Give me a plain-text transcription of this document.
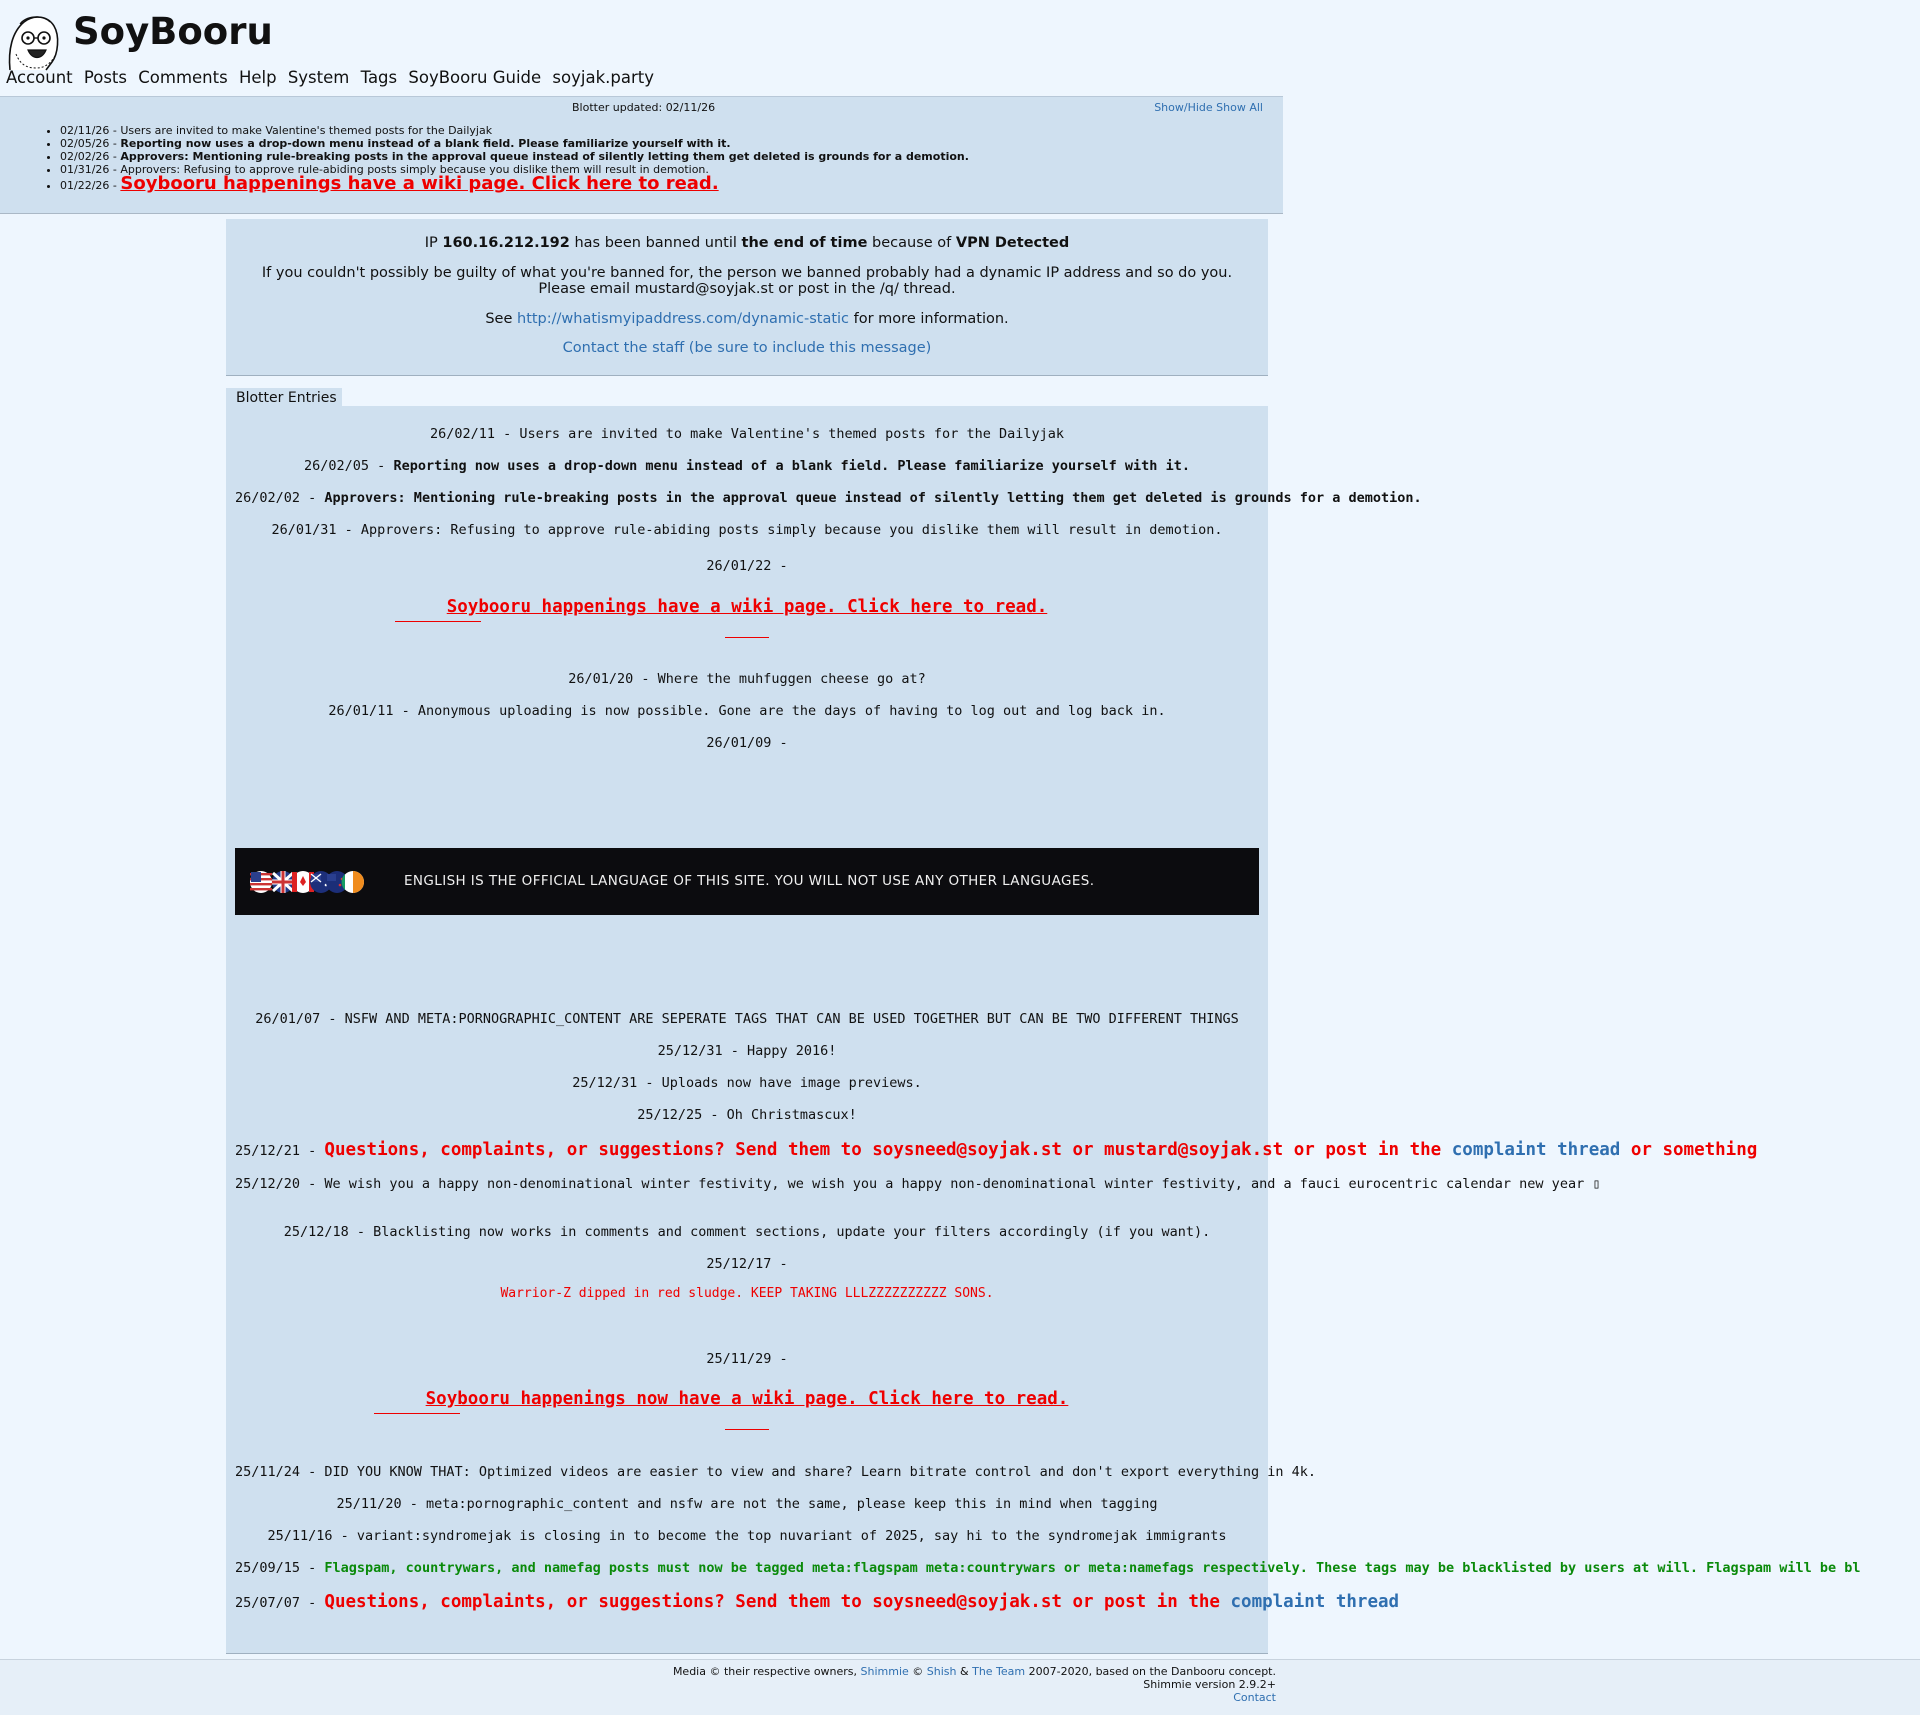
SoyBooru
Account Posts Comments Help System Tags SoyBooru Guide soyjak.party
Blotter updated: 02/11/26	Show/Hide Show All
• 02/11/26 - Users are invited to make Valentine's themed posts for the Dailyjak
• 02/05/26 - Reporting now uses a drop-down menu instead of a blank field. Please familiarize yourself with it.
• 02/02/26 - Approvers: Mentioning rule-breaking posts in the approval queue instead of silently letting them get deleted is grounds for a demotion.
• 01/31/26 - Approvers: Refusing to approve rule-abiding posts simply because you dislike them will result in demotion.
• 01/22/26 - Soybooru happenings have a wiki page. Click here to read.
IP 160.16.212.192 has been banned until the end of time because of VPN Detected
If you couldn't possibly be guilty of what you're banned for, the person we banned probably had a dynamic IP address and so do you. Please email mustard@soyjak.st or post in the /q/ thread.
See http://whatismyipaddress.com/dynamic-static for more information.
Contact the staff (be sure to include this message)
Blotter Entries
26/02/11 - Users are invited to make Valentine's themed posts for the Dailyjak
26/02/05 - Reporting now uses a drop-down menu instead of a blank field. Please familiarize yourself with it.
26/02/02 - Approvers: Mentioning rule-breaking posts in the approval queue instead of silently letting them get deleted is grounds for a demotion.
26/01/31 - Approvers: Refusing to approve rule-abiding posts simply because you dislike them will result in demotion.
26/01/22 -
Soybooru happenings have a wiki page. Click here to read.
26/01/20 - Where the muhfuggen cheese go at?
26/01/11 - Anonymous uploading is now possible. Gone are the days of having to log out and log back in.
26/01/09 -
ENGLISH IS THE OFFICIAL LANGUAGE OF THIS SITE. YOU WILL NOT USE ANY OTHER LANGUAGES.
26/01/07 - NSFW AND META:PORNOGRAPHIC_CONTENT ARE SEPERATE TAGS THAT CAN BE USED TOGETHER BUT CAN BE TWO DIFFERENT THINGS
25/12/31 - Happy 2016!
25/12/31 - Uploads now have image previews.
25/12/25 - Oh Christmascux!
25/12/21 - Questions, complaints, or suggestions? Send them to soysneed@soyjak.st or mustard@soyjak.st or post in the complaint thread or something
25/12/20 - We wish you a happy non-denominational winter festivity, we wish you a happy non-denominational winter festivity, and a fauci eurocentric calendar new year ▯
25/12/18 - Blacklisting now works in comments and comment sections, update your filters accordingly (if you want).
25/12/17 -
Warrior-Z dipped in red sludge. KEEP TAKING LLLZZZZZZZZZZ SONS.
25/11/29 -
Soybooru happenings now have a wiki page. Click here to read.
25/11/24 - DID YOU KNOW THAT: Optimized videos are easier to view and share? Learn bitrate control and don't export everything in 4k.
25/11/20 - meta:pornographic_content and nsfw are not the same, please keep this in mind when tagging
25/11/16 - variant:syndromejak is closing in to become the top nuvariant of 2025, say hi to the syndromejak immigrants
25/09/15 - Flagspam, countrywars, and namefag posts must now be tagged meta:flagspam meta:countrywars or meta:namefags respectively. These tags may be blacklisted by users at will. Flagspam will be bl
25/07/07 - Questions, complaints, or suggestions? Send them to soysneed@soyjak.st or post in the complaint thread
Media © their respective owners, Shimmie © Shish & The Team 2007-2020, based on the Danbooru concept.
Shimmie version 2.9.2+
Contact
